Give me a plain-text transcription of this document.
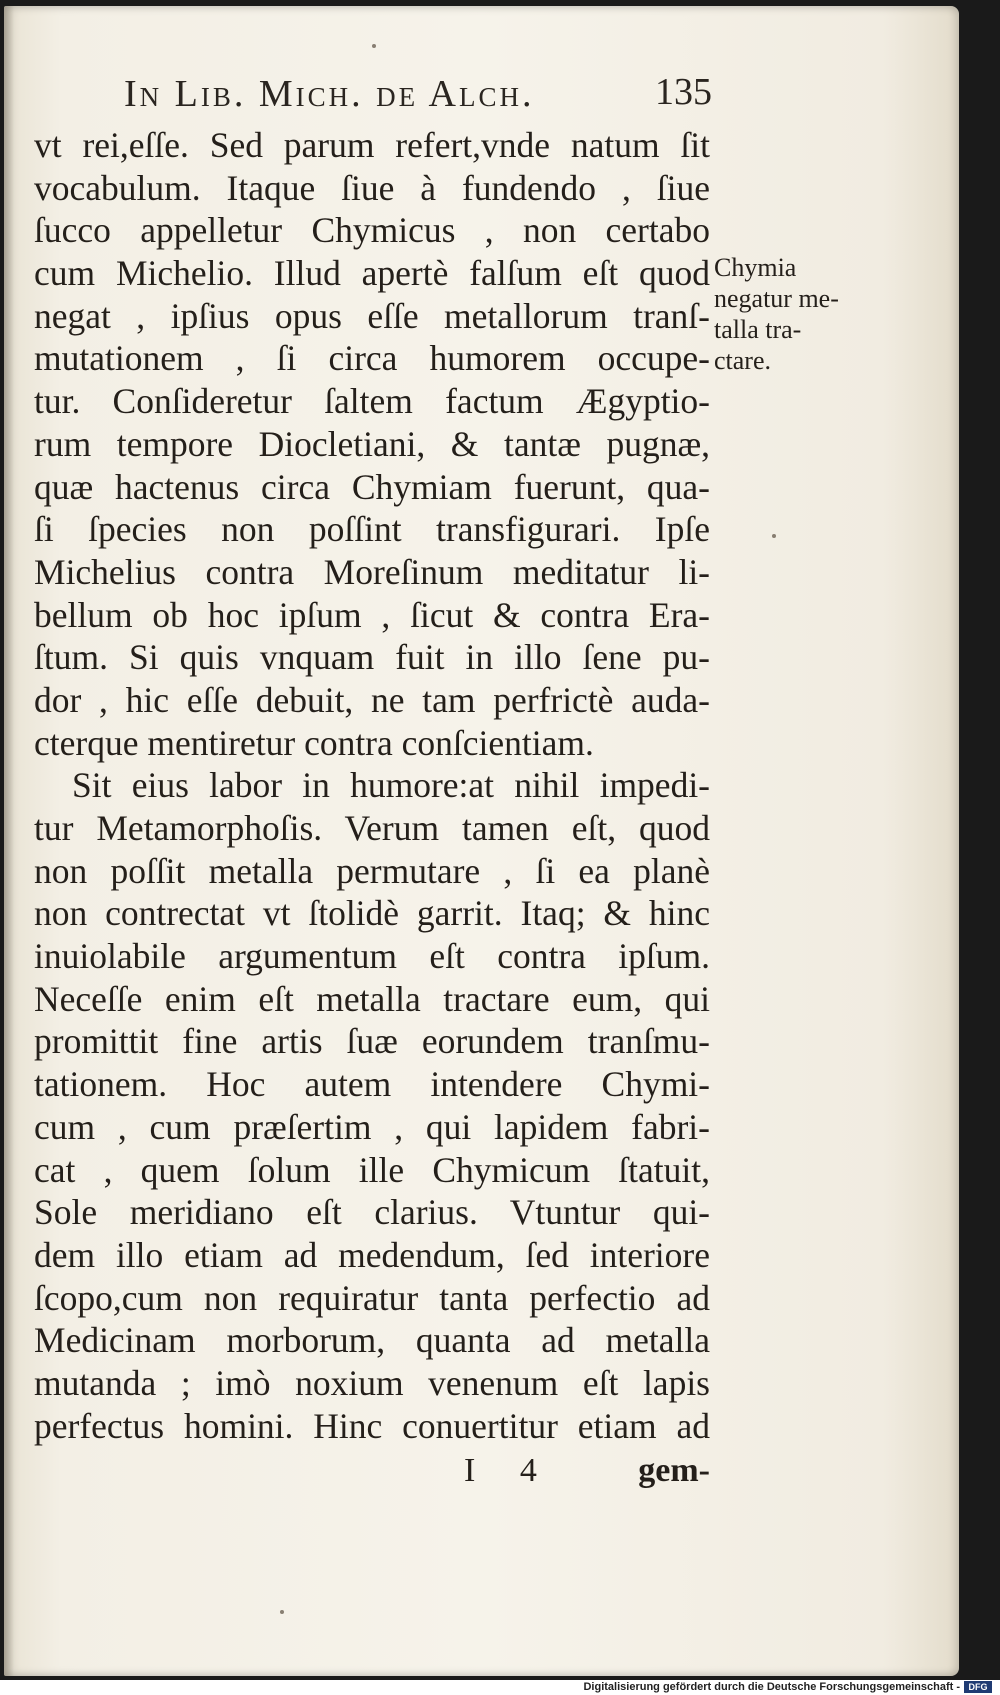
In Lib. Mich. de Alch.	135
vt rei,eſſe. Sed parum refert,vnde natum ſit
vocabulum. Itaque ſiue à fundendo , ſiue
ſucco appelletur Chymicus , non certabo
cum Michelio. Illud apertè falſum eſt quod
negat , ipſius opus eſſe metallorum tranſ-
mutationem , ſi circa humorem occupe-
tur. Conſideretur ſaltem factum Ægyptio-
rum tempore Diocletiani, & tantæ pugnæ,
quæ hactenus circa Chymiam fuerunt, qua-
ſi ſpecies non poſſint transfigurari. Ipſe
Michelius contra Moreſinum meditatur li-
bellum ob hoc ipſum , ſicut & contra Era-
ſtum. Si quis vnquam fuit in illo ſene pu-
dor , hic eſſe debuit, ne tam perfrictè auda-
cterque mentiretur contra conſcientiam.
Sit eius labor in humore:at nihil impedi-
tur Metamorphoſis. Verum tamen eſt, quod
non poſſit metalla permutare , ſi ea planè
non contrectat vt ſtolidè garrit. Itaq; & hinc
inuiolabile argumentum eſt contra ipſum.
Neceſſe enim eſt metalla tractare eum, qui
promittit fine artis ſuæ eorundem tranſmu-
tationem. Hoc autem intendere Chymi-
cum , cum præſertim , qui lapidem fabri-
cat , quem ſolum ille Chymicum ſtatuit,
Sole meridiano eſt clarius. Vtuntur qui-
dem illo etiam ad medendum, ſed interiore
ſcopo,cum non requiratur tanta perfectio ad
Medicinam morborum, quanta ad metalla
mutanda ; imò noxium venenum eſt lapis
perfectus homini. Hinc conuertitur etiam ad
Chymia
negatur me-
talla tra-
ctare.
I 4 gem-
Digitalisierung gefördert durch die Deutsche Forschungsgemeinschaft - DFG
